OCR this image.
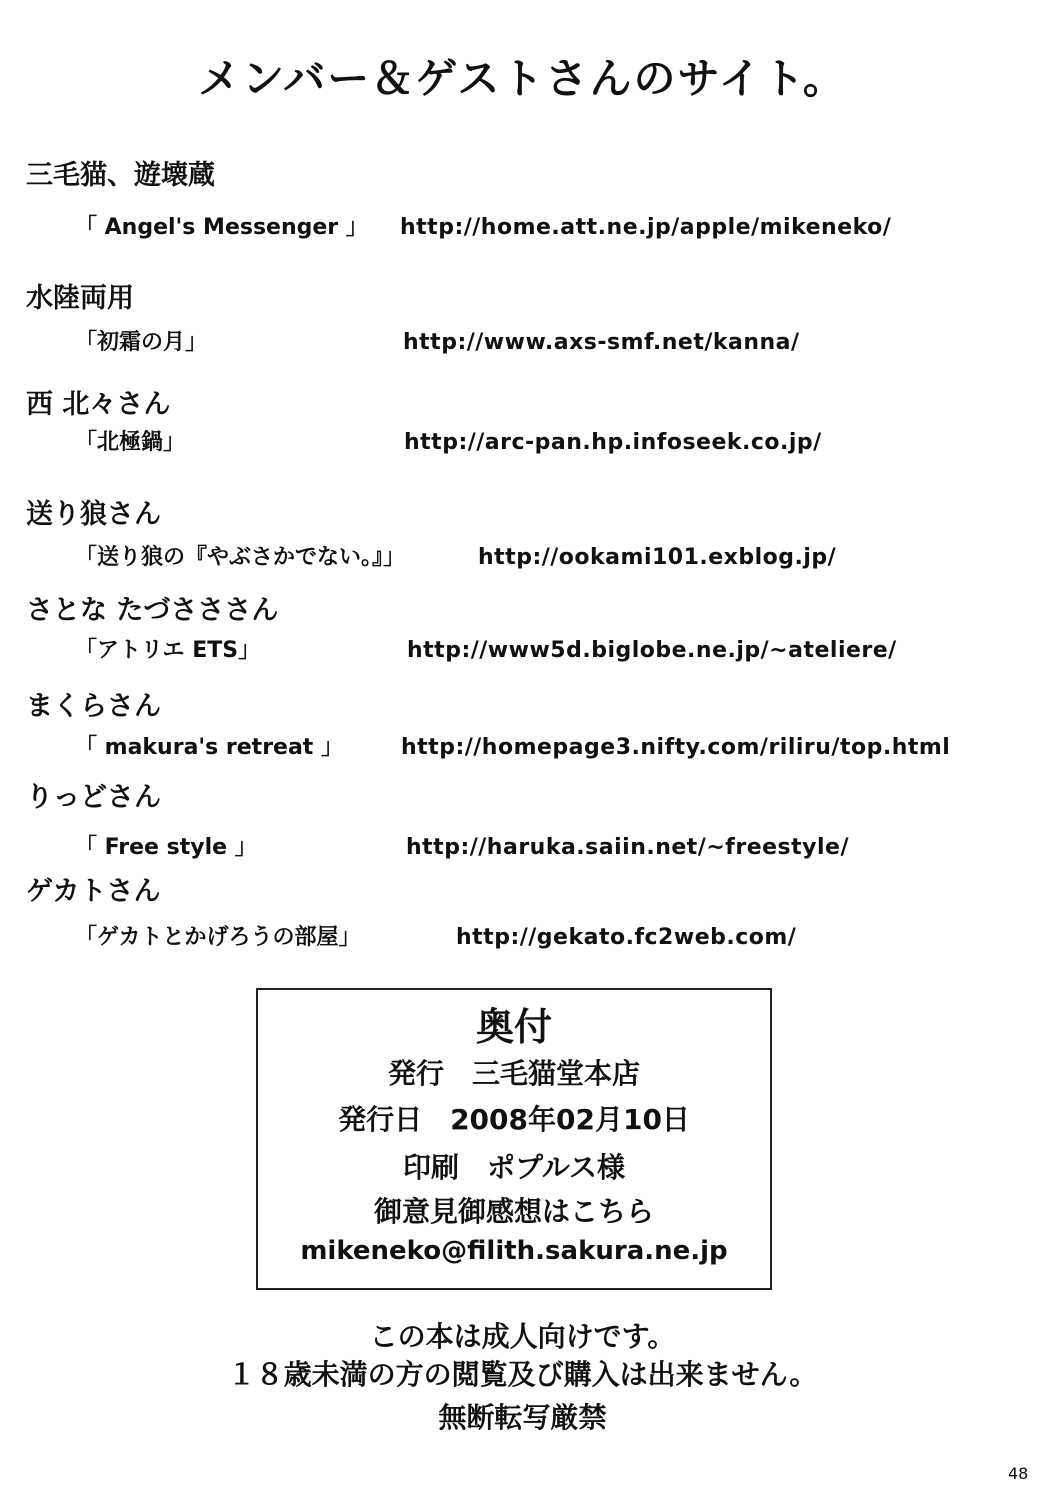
メンバー＆ゲストさんのサイト。
三毛猫、遊壊蔵
「 Angel's Messenger 」 http://home.att.ne.jp/apple/mikeneko/
水陸両用
「初霜の月」	http://www.axs-smf.net/kanna/
西 北々さん
「北極鍋」	http://arc-pan.hp.infoseek.co.jp/
送り狼さん
「送り狼の『やぶさかでない。』」	http://ookami101.exblog.jp/
さとな たづさささん
「アトリエ ETS」	http://www5d.biglobe.ne.jp/~ateliere/
まくらさん
「 makura's retreat 」	http://homepage3.nifty.com/riliru/top.html
りっどさん
「 Free style 」	http://haruka.saiin.net/~freestyle/
ゲカトさん
「ゲカトとかげろうの部屋」	http://gekato.fc2web.com/
奥付
発行　三毛猫堂本店
発行日　2008年02月10日
印刷　ポプルス様
御意見御感想はこちら
mikeneko@filith.sakura.ne.jp
この本は成人向けです。
１８歳未満の方の閲覧及び購入は出来ません。
無断転写厳禁
48
